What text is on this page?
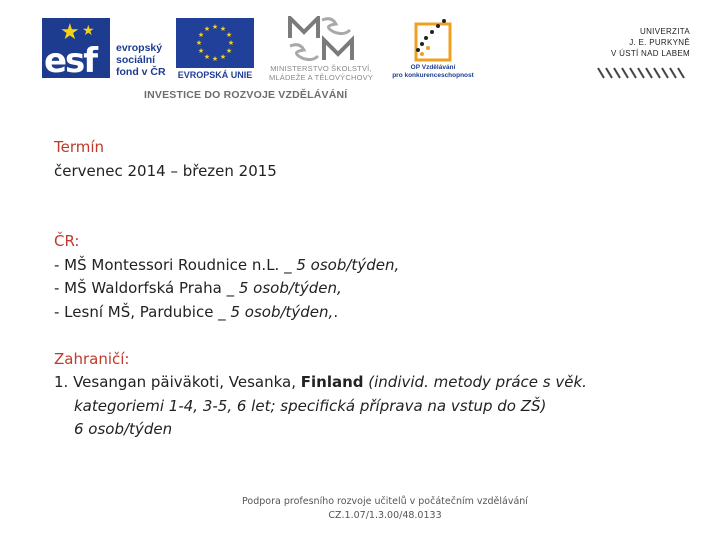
★ ★
esf evropský
sociální
fond v ČR
★ ★
★
★
★
★
★
★
★
★
★
★
EVROPSKÁ UNIE
MINISTERSTVO ŠKOLSTVÍ,
MLÁDEŽE A TĚLOVÝCHOVY
OP Vzdělávání
pro konkurenceschopnost
INVESTICE DO ROZVOJE VZDĚLÁVÁNÍ
UNIVERZITA
J. E. PURKYNĚ
V ÚSTÍ NAD LABEM
Termín
červenec 2014 – březen 2015
ČR:
- MŠ Montessori Roudnice n.L. _ 5 osob/týden,
- MŠ Waldorfská Praha _ 5 osob/týden,
- Lesní MŠ, Pardubice _ 5 osob/týden,.
Zahraničí:
1. Vesangan päiväkoti, Vesanka, Finland (individ. metody práce s věk.
kategoriemi 1-4, 3-5, 6 let; specifická příprava na vstup do ZŠ)
6 osob/týden
Podpora profesního rozvoje učitelů v počátečním vzdělávání
CZ.1.07/1.3.00/48.0133
